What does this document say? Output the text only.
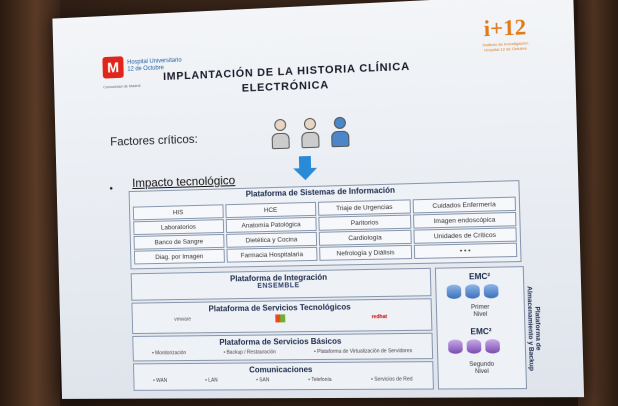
M	Hospital Universitario
12 de Octubre
Comunidad de Madrid
i+12
Instituto de Investigación
Hospital 12 de Octubre
IMPLANTACIÓN DE LA HISTORIA CLÍNICA
ELECTRÓNICA
Factores críticos:
• Impacto tecnológico
Plataforma de Sistemas de Información
Plataforma de Integración
ENSEMBLE
Plataforma de Servicios Tecnológicos
vmware	redhat
Plataforma de Servicios Básicos
• Monitorización	• Backup / Restauración	• Plataforma de Virtualización de Servidores
Comunicaciones
• WAN	• LAN	• SAN	• Telefonía	• Servicios de Red
EMC²
Primer
Nivel
EMC²
Segundo
Nivel
Plataforma de
Almacenamiento y Backup
HIS	HCE	Triaje de Urgencias	Cuidados Enfermería
Laboratorios	Anatomía Patológica	Paritorios	Imagen endoscópica
Banco de Sangre	Dietética y Cocina	Cardiología	Unidades de Críticos
Diag. por Imagen	Farmacia Hospitalaria	Nefrología y Diálisis	• • •
